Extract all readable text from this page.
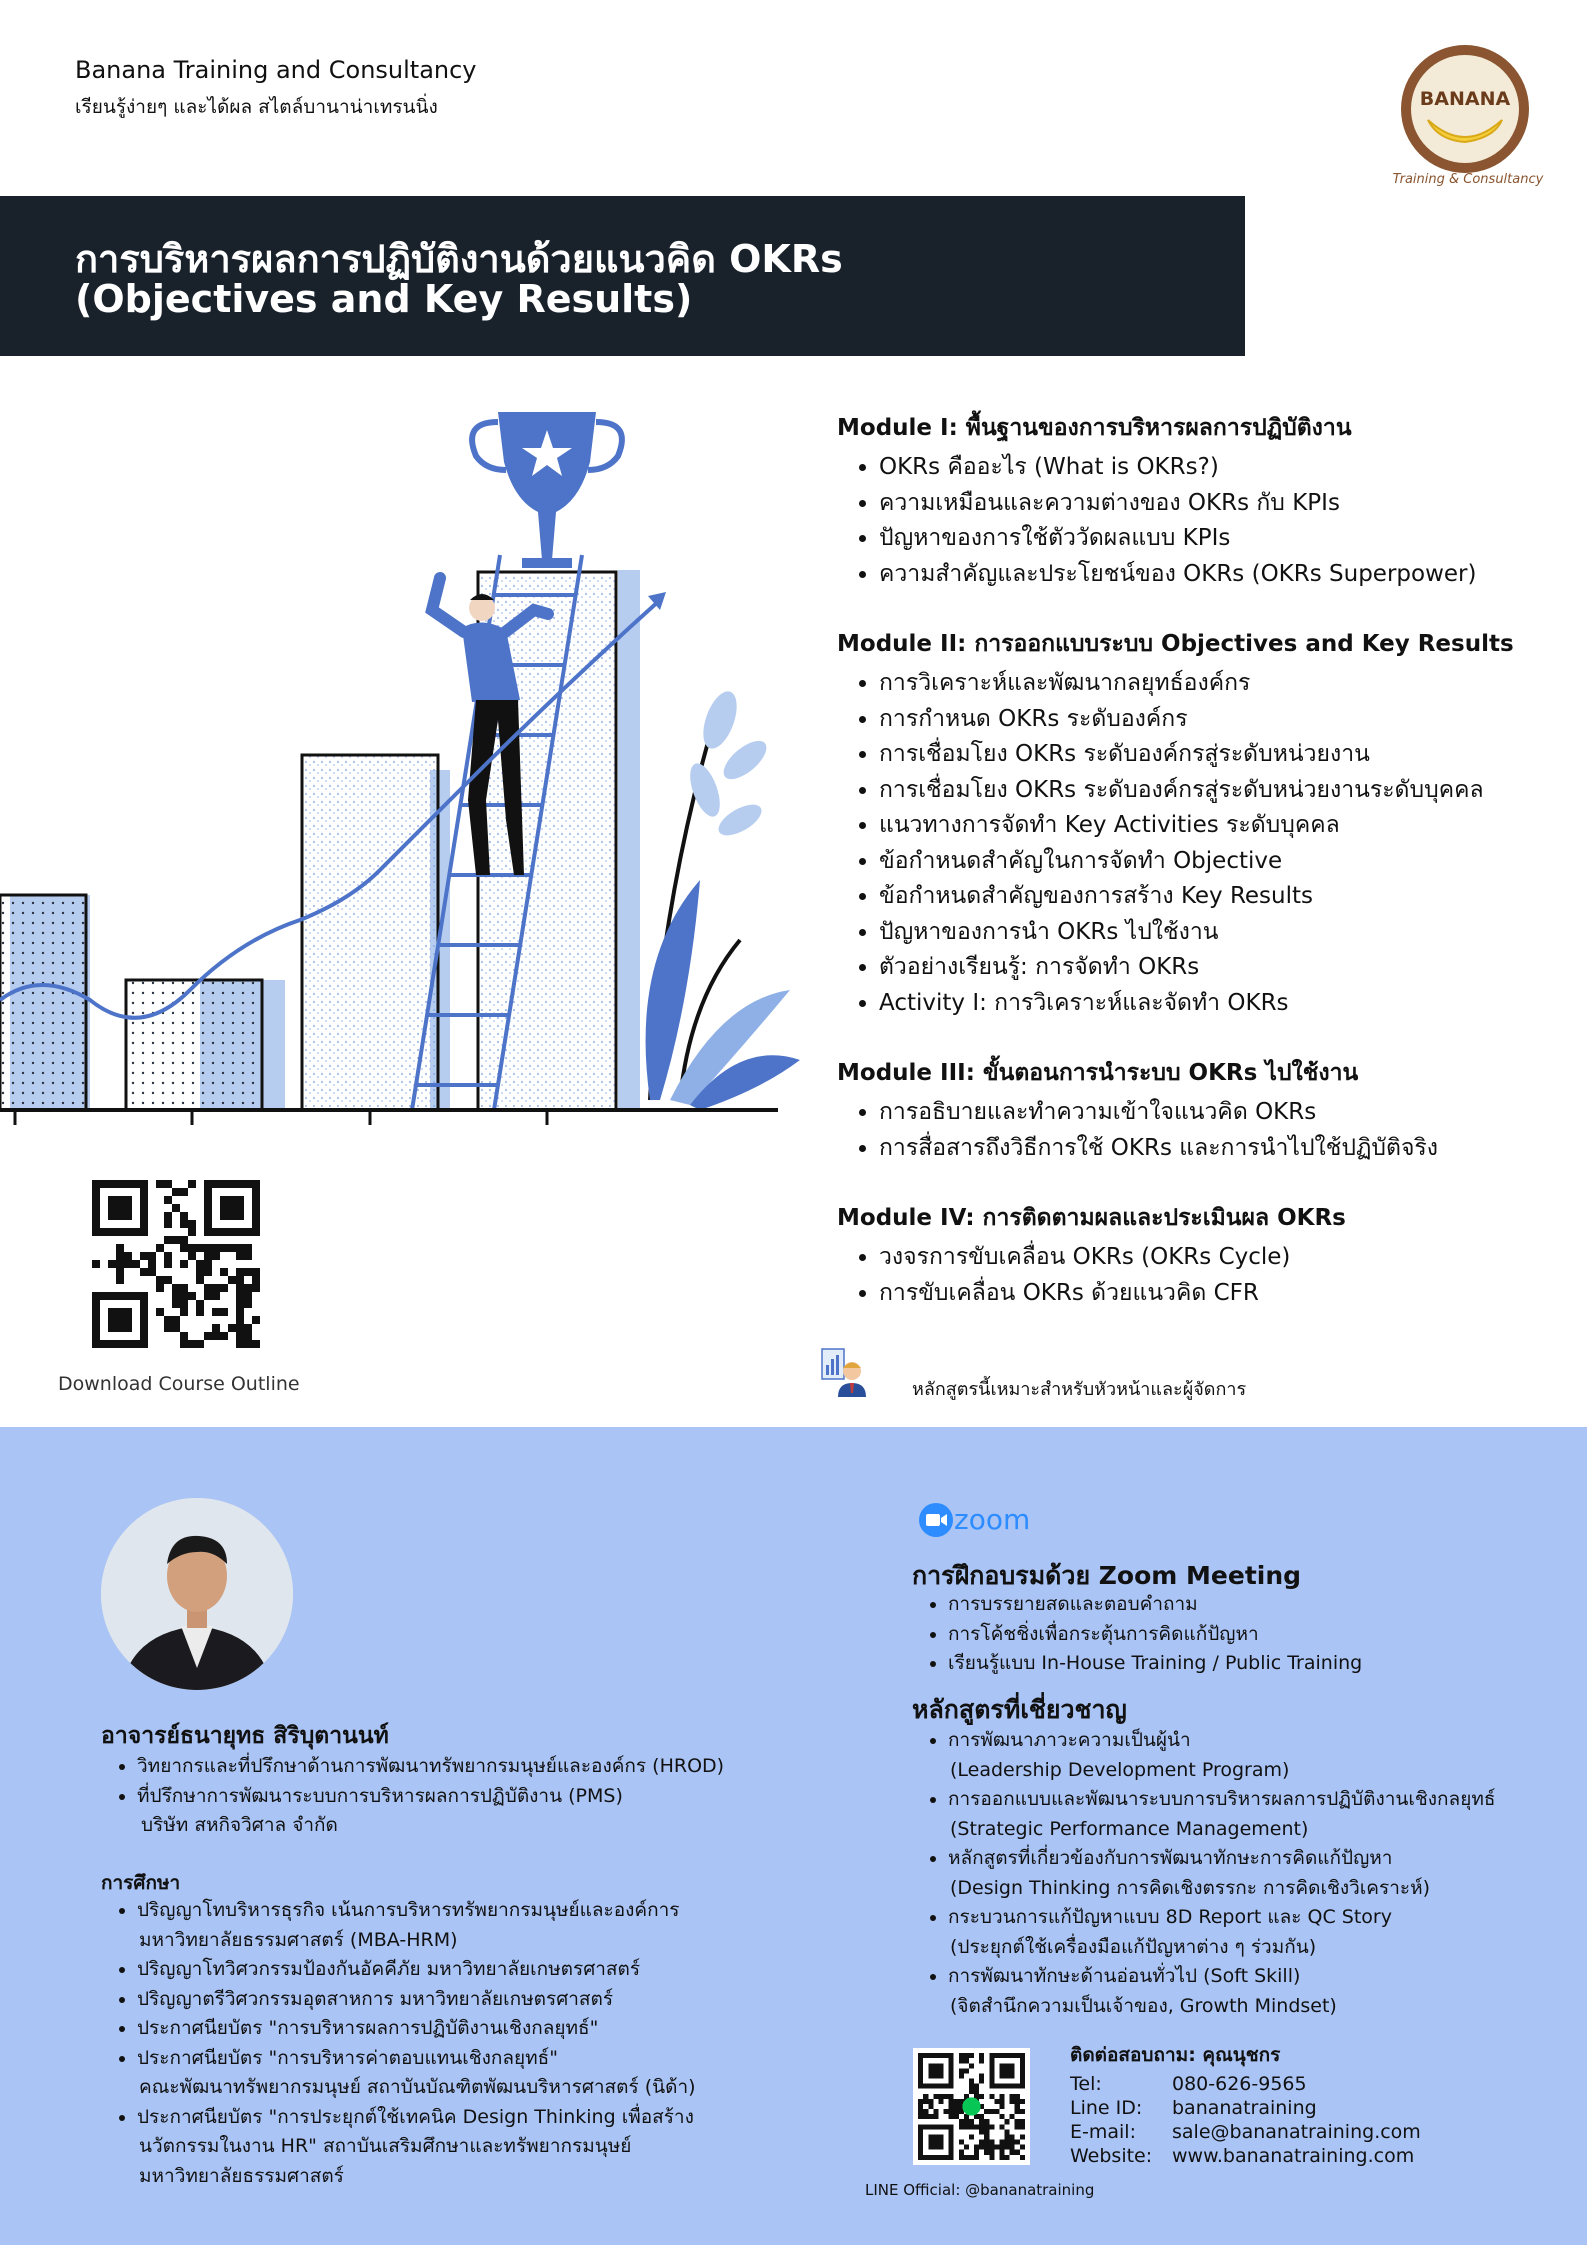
Banana Training and Consultancy
เรียนรู้ง่ายๆ และได้ผล สไตล์บานาน่าเทรนนิ่ง	BANANA
Training & Consultancy
การบริหารผลการปฏิบัติงานด้วยแนวคิด OKRs
(Objectives and Key Results)
Module I: พื้นฐานของการบริหารผลการปฏิบัติงาน
• OKRs คืออะไร (What is OKRs?)
• ความเหมือนและความต่างของ OKRs กับ KPIs
• ปัญหาของการใช้ตัววัดผลแบบ KPIs
• ความสำคัญและประโยชน์ของ OKRs (OKRs Superpower)
Module II: การออกแบบระบบ Objectives and Key Results
• การวิเคราะห์และพัฒนากลยุทธ์องค์กร
• การกำหนด OKRs ระดับองค์กร
• การเชื่อมโยง OKRs ระดับองค์กรสู่ระดับหน่วยงาน
• การเชื่อมโยง OKRs ระดับองค์กรสู่ระดับหน่วยงานระดับบุคคล
• แนวทางการจัดทำ Key Activities ระดับบุคคล
• ข้อกำหนดสำคัญในการจัดทำ Objective
• ข้อกำหนดสำคัญของการสร้าง Key Results
• ปัญหาของการนำ OKRs ไปใช้งาน
• ตัวอย่างเรียนรู้: การจัดทำ OKRs
• Activity I: การวิเคราะห์และจัดทำ OKRs
Module III: ขั้นตอนการนำระบบ OKRs ไปใช้งาน
• การอธิบายและทำความเข้าใจแนวคิด OKRs
• การสื่อสารถึงวิธีการใช้ OKRs และการนำไปใช้ปฏิบัติจริง
Module IV: การติดตามผลและประเมินผล OKRs
• วงจรการขับเคลื่อน OKRs (OKRs Cycle)
• การขับเคลื่อน OKRs ด้วยแนวคิด CFR
Download Course Outline	หลักสูตรนี้เหมาะสำหรับหัวหน้าและผู้จัดการ
อาจารย์ธนายุทธ สิริบุตานนท์
• วิทยากรและที่ปรึกษาด้านการพัฒนาทรัพยากรมนุษย์และองค์กร (HROD)
• ที่ปรึกษาการพัฒนาระบบการบริหารผลการปฏิบัติงาน (PMS)
บริษัท สหกิจวิศาล จำกัด
การศึกษา
• ปริญญาโทบริหารธุรกิจ เน้นการบริหารทรัพยากรมนุษย์และองค์การ
มหาวิทยาลัยธรรมศาสตร์ (MBA-HRM)
• ปริญญาโทวิศวกรรมป้องกันอัคคีภัย มหาวิทยาลัยเกษตรศาสตร์
• ปริญญาตรีวิศวกรรมอุตสาหการ มหาวิทยาลัยเกษตรศาสตร์
• ประกาศนียบัตร "การบริหารผลการปฏิบัติงานเชิงกลยุทธ์"
• ประกาศนียบัตร "การบริหารค่าตอบแทนเชิงกลยุทธ์"
คณะพัฒนาทรัพยากรมนุษย์ สถาบันบัณฑิตพัฒนบริหารศาสตร์ (นิด้า)
• ประกาศนียบัตร "การประยุกต์ใช้เทคนิค Design Thinking เพื่อสร้าง
นวัตกรรมในงาน HR" สถาบันเสริมศึกษาและทรัพยากรมนุษย์
มหาวิทยาลัยธรรมศาสตร์
zoom
การฝึกอบรมด้วย Zoom Meeting
• การบรรยายสดและตอบคำถาม
• การโค้ชชิ่งเพื่อกระตุ้นการคิดแก้ปัญหา
• เรียนรู้แบบ In-House Training / Public Training
หลักสูตรที่เชี่ยวชาญ
• การพัฒนาภาวะความเป็นผู้นำ
(Leadership Development Program)
• การออกแบบและพัฒนาระบบการบริหารผลการปฏิบัติงานเชิงกลยุทธ์
(Strategic Performance Management)
• หลักสูตรที่เกี่ยวข้องกับการพัฒนาทักษะการคิดแก้ปัญหา
(Design Thinking การคิดเชิงตรรกะ การคิดเชิงวิเคราะห์)
• กระบวนการแก้ปัญหาแบบ 8D Report และ QC Story
(ประยุกต์ใช้เครื่องมือแก้ปัญหาต่าง ๆ ร่วมกัน)
• การพัฒนาทักษะด้านอ่อนทั่วไป (Soft Skill)
(จิตสำนึกความเป็นเจ้าของ, Growth Mindset)
ติดต่อสอบถาม: คุณนุชกร
Tel:	080-626-9565
Line ID:	bananatraining
E-mail:	sale@bananatraining.com
Website:	www.bananatraining.com
LINE Official: @bananatraining
